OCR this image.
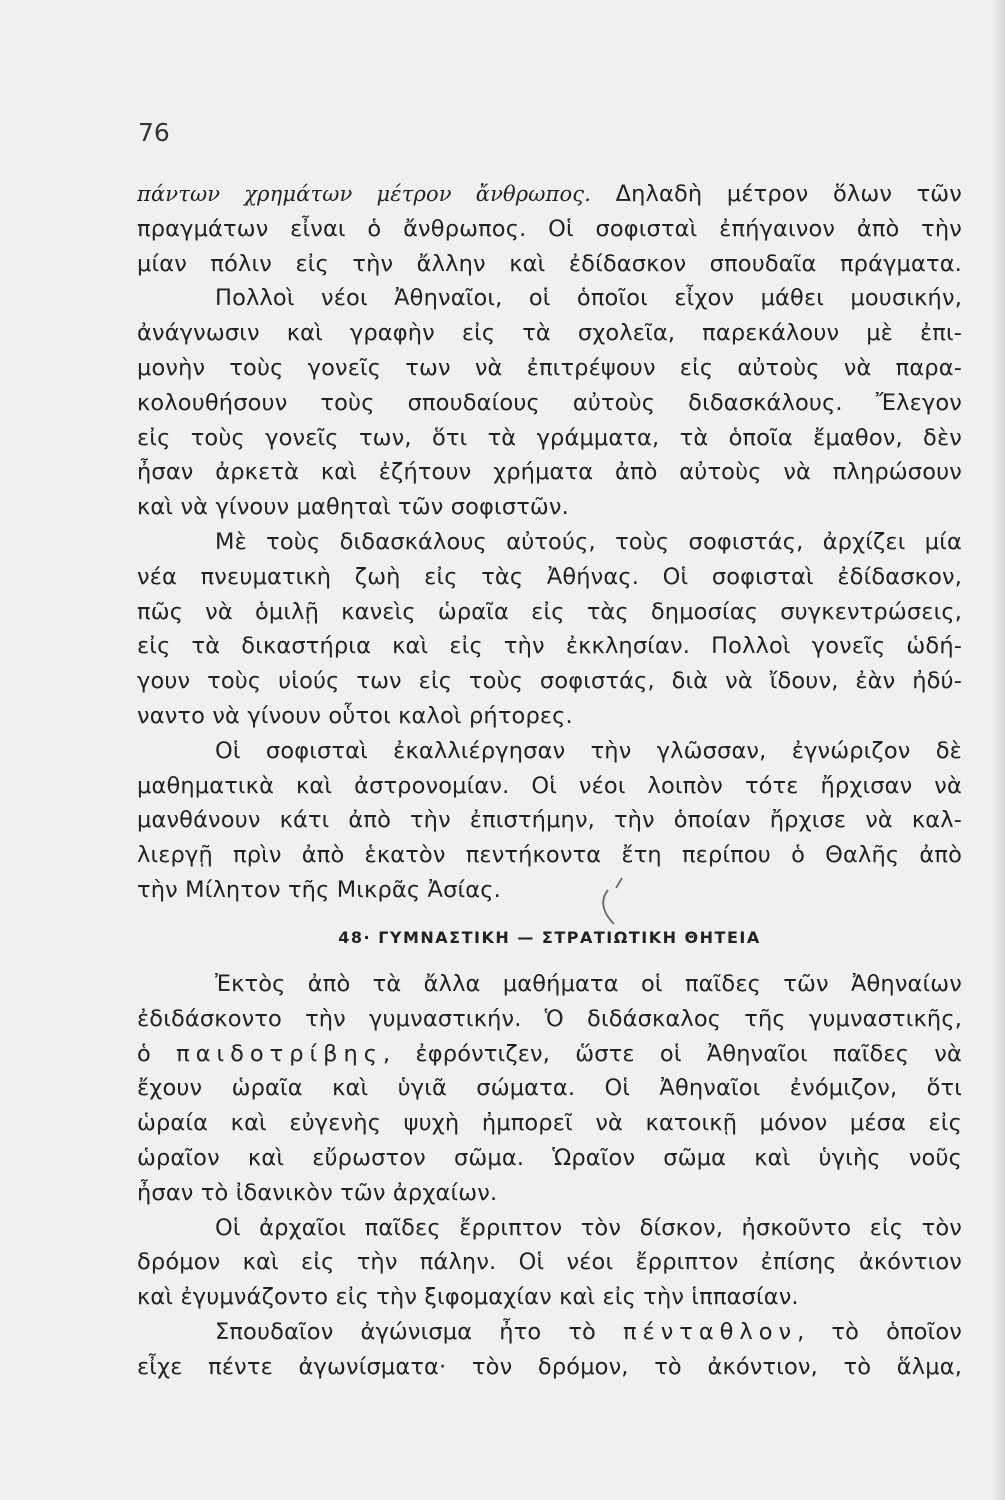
76
πάντων χρημάτων μέτρον ἄνθρωπος. Δηλαδὴ μέτρον ὅλων τῶν
πραγμάτων εἶναι ὁ ἄνθρωπος. Οἱ σοφισταὶ ἐπήγαινον ἀπὸ τὴν
μίαν πόλιν εἰς τὴν ἄλλην καὶ ἐδίδασκον σπουδαῖα πράγματα.
Πολλοὶ νέοι Ἀθηναῖοι, οἱ ὁποῖοι εἶχον μάθει μουσικήν,
ἀνάγνωσιν καὶ γραφὴν εἰς τὰ σχολεῖα, παρεκάλουν μὲ ἐπι-
μονὴν τοὺς γονεῖς των νὰ ἐπιτρέψουν εἰς αὐτοὺς νὰ παρα-
κολουθήσουν τοὺς σπουδαίους αὐτοὺς διδασκάλους. Ἔλεγον
εἰς τοὺς γονεῖς των, ὅτι τὰ γράμματα, τὰ ὁποῖα ἔμαθον, δὲν
ἦσαν ἀρκετὰ καὶ ἐζήτουν χρήματα ἀπὸ αὐτοὺς νὰ πληρώσουν
καὶ νὰ γίνουν μαθηταὶ τῶν σοφιστῶν.
Μὲ τοὺς διδασκάλους αὐτούς, τοὺς σοφιστάς, ἀρχίζει μία
νέα πνευματικὴ ζωὴ εἰς τὰς Ἀθήνας. Οἱ σοφισταὶ ἐδίδασκον,
πῶς νὰ ὁμιλῇ κανεὶς ὡραῖα εἰς τὰς δημοσίας συγκεντρώσεις,
εἰς τὰ δικαστήρια καὶ εἰς τὴν ἐκκλησίαν. Πολλοὶ γονεῖς ὡδή-
γουν τοὺς υἱούς των εἰς τοὺς σοφιστάς, διὰ νὰ ἴδουν, ἐὰν ἠδύ-
ναντο νὰ γίνουν οὗτοι καλοὶ ρήτορες.
Οἱ σοφισταὶ ἐκαλλιέργησαν τὴν γλῶσσαν, ἐγνώριζον δὲ
μαθηματικὰ καὶ ἀστρονομίαν. Οἱ νέοι λοιπὸν τότε ἤρχισαν νὰ
μανθάνουν κάτι ἀπὸ τὴν ἐπιστήμην, τὴν ὁποίαν ἤρχισε νὰ καλ-
λιεργῇ πρὶν ἀπὸ ἑκατὸν πεντήκοντα ἔτη περίπου ὁ Θαλῆς ἀπὸ
τὴν Μίλητον τῆς Μικρᾶς Ἀσίας.
48· ΓΥΜΝΑΣΤΙΚΗ — ΣΤΡΑΤΙΩΤΙΚΗ ΘΗΤΕΙΑ
Ἐκτὸς ἀπὸ τὰ ἄλλα μαθήματα οἱ παῖδες τῶν Ἀθηναίων
ἐδιδάσκοντο τὴν γυμναστικήν. Ὁ διδάσκαλος τῆς γυμναστικῆς,
ὁ παιδοτρίβης, ἐφρόντιζεν, ὥστε οἱ Ἀθηναῖοι παῖδες νὰ
ἔχουν ὡραῖα καὶ ὑγιᾶ σώματα. Οἱ Ἀθηναῖοι ἐνόμιζον, ὅτι
ὡραία καὶ εὐγενὴς ψυχὴ ἠμπορεῖ νὰ κατοικῇ μόνον μέσα εἰς
ὡραῖον καὶ εὔρωστον σῶμα. Ὡραῖον σῶμα καὶ ὑγιὴς νοῦς
ἦσαν τὸ ἰδανικὸν τῶν ἀρχαίων.
Οἱ ἀρχαῖοι παῖδες ἔρριπτον τὸν δίσκον, ἠσκοῦντο εἰς τὸν
δρόμον καὶ εἰς τὴν πάλην. Οἱ νέοι ἔρριπτον ἐπίσης ἀκόντιον
καὶ ἐγυμνάζοντο εἰς τὴν ξιφομαχίαν καὶ εἰς τὴν ἱππασίαν.
Σπουδαῖον ἀγώνισμα ἦτο τὸ πένταθλον, τὸ ὁποῖον
εἶχε πέντε ἀγωνίσματα· τὸν δρόμον, τὸ ἀκόντιον, τὸ ἅλμα,
